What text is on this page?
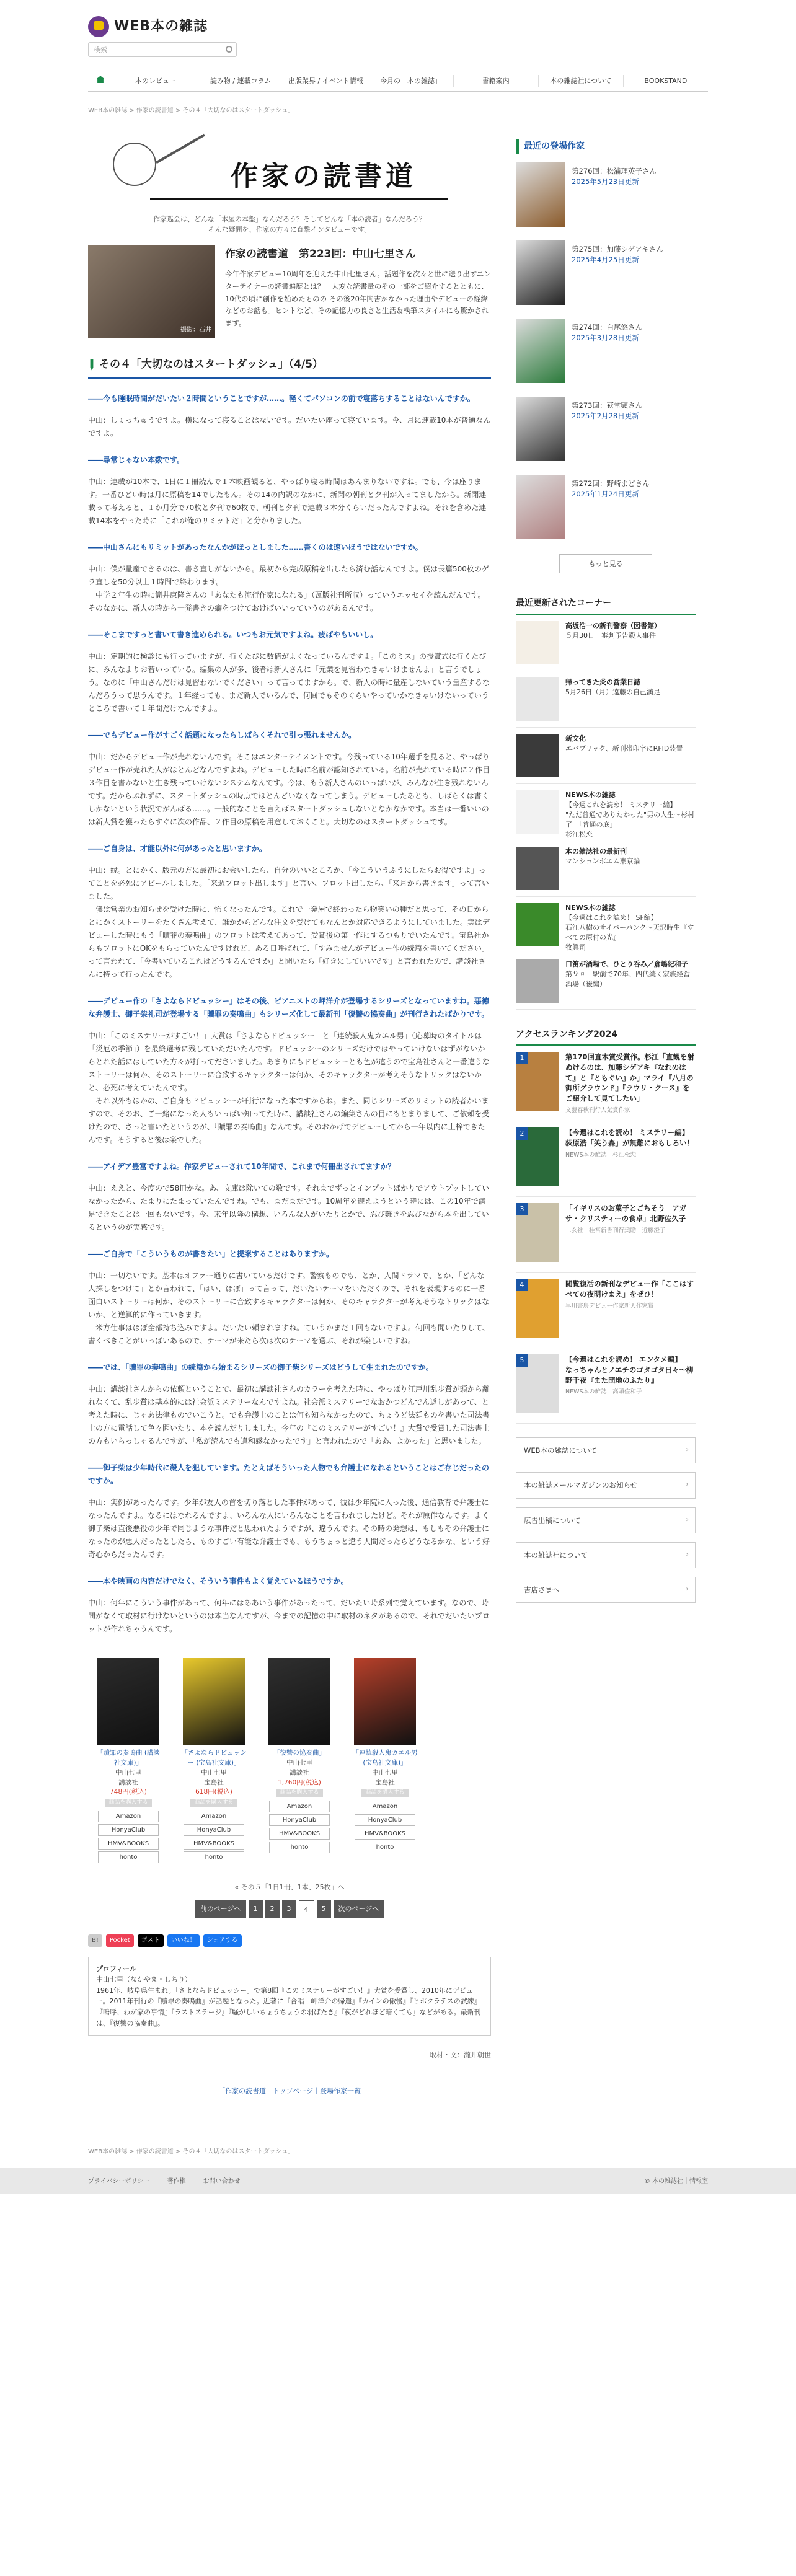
WEB本の雑誌
検索
本のレビュー	読み物 / 連載コラム	出版業界 / イベント情報	今月の「本の雑誌」	書籍案内	本の雑誌社について	BOOKSTAND
WEB本の雑誌 > 作家の読書道 > その４「大切なのはスタートダッシュ」
作家の読書道
作家巡会は、どんな「本屋の本盤」なんだろう？そしてどんな「本の読者」なんだろう？
そんな疑問を、作家の方々に直撃インタビューです。
撮影：石井
作家の読書道　第223回：中山七里さん
今年作家デビュー10周年を迎えた中山七里さん。話題作を次々と世に送り出すエンターテイナーの読書遍歴とは？　大変な読書量のその一部をご紹介するとともに、10代の頃に創作を始めたものの その後20年間書かなかった理由やデビューの経緯などのお話も。ヒントなど、その記憶力の良さと生活＆執筆スタイルにも驚かされます。
その４「大切なのはスタートダッシュ」（4/5）
――今も睡眠時間がだいたい２時間ということですが……。軽くてパソコンの前で寝落ちすることはないんですか。
中山：しょっちゅうですよ。横になって寝ることはないです。だいたい座って寝ています。今、月に連載10本が普通なんですよ。
――尋常じゃない本数です。
中山：連載が10本で、1日に１冊読んで１本映画観ると、やっぱり寝る時間はあんまりないですね。でも、今は座ります。一番ひどい時は月に原稿を14でしたもん。その14の内訳のなかに、新聞の朝刊と夕刊が入ってましたから。新聞連載って考えると、１か月分で70枚と夕刊で60枚で、朝刊と夕刊で連載３本分くらいだったんですよね。それを含めた連載14本をやった時に「これが俺のリミットだ」と分かりました。
――中山さんにもリミットがあったなんかがほっとしました……書くのは速いほうではないですか。
中山：僕が量産できるのは、書き直しがないから。最初から完成原稿を出したら済む話なんですよ。僕は長篇500枚のゲラ直しを50分以上１時間で終わります。
　中学２年生の時に筒井康隆さんの「あなたも流行作家になれる」（瓦版社刊所収）っていうエッセイを読んだんです。そのなかに、新人の時から一発書きの癖をつけておけばいいっていうのがあるんです。
――そこまですっと書いて書き進められる。いつもお元気ですよね。疲ぱやもいいし。
中山：定期的に検診にも行っていますが、行くたびに数値がよくなっているんですよ。「このミス」の授賞式に行くたびに、みんなよりお若いっている。編集の人が多、後者は新人さんに「元業を見習わなきゃいけませんよ」と言うでしょう。なのに「中山さんだけは見習わないでください」って言ってますから。で、新人の時に量産しないていう量産するなんだろうって思うんです。１年経っても、まだ新人でいるんで、何回でもそのぐらいやっていかなきゃいけないっていうところで書いて１年間だけなんですよ。
――でもデビュー作がすごく話題になったらしばらくそれで引っ張れませんか。
中山：だからデビュー作が売れないんです。そこはエンターテイメントです。今残っている10年選手を見ると、やっぱりデビュー作が売れた人がほとんどなんですよね。デビューした時に名前が認知されている。名前が売れている時に２作目３作目を書かないと生き残っていけないシステムなんです。今は、もう新人さんのいっぱいが、みんなが生き残れないんです。だからぶれずに、スタートダッシュの時点でほとんどいなくなってしまう。デビューしたあとも、しばらくは書くしかないという状況でがんばる……。一般的なことを言えばスタートダッシュしないとなかなかです。本当は一番いいのは新人賞を獲ったらすぐに次の作品、２作目の原稿を用意しておくこと。大切なのはスタートダッシュです。
――ご自身は、才能以外に何があったと思いますか。
中山：縁。とにかく、版元の方に最初にお会いしたら、自分のいいところか、「今こういうふうにしたらお得ですよ」ってことを必死にアピールしました。「来週プロット出します」と言い、プロット出したら、「来月から書きます」って言いました。
　僕は営業のお知らせを受けた時に、怖くなったんです。これで一発屋で終わったら物笑いの種だと思って、その日からとにかくストーリーをたくさん考えて、誰かからどんな注文を受けてもなんとか対応できるようにしていました。実はデビューした時にもう「贖罪の奏鳴曲」のプロットは考えてあって、受賞後の第一作にするつもりでいたんです。宝島社からもプロットにOKをもらっていたんですけれど、ある日呼ばれて、「すみませんがデビュー作の続篇を書いてください」って言われて、「今書いているこれはどうするんですか」と聞いたら「好きにしていいです」と言われたので、講談社さんに持って行ったんです。
――デビュー作の「さよならドビュッシー」はその後、ピアニストの岬洋介が登場するシリーズとなっていますね。悪徳な弁護士、御子柴礼司が登場する「贖罪の奏鳴曲」もシリーズ化して最新刊「復讐の協奏曲」が刊行されたばかりです。
中山：「このミステリーがすごい！」大賞は「さよならドビュッシー」と「連続殺人鬼カエル男」（応募時のタイトルは「災厄の季節」）を最終選考に残していただいたんです。ドビュッシーのシリーズだけではやっていけないはずがないからとれた話にはしていた方々が打ってださいました。あまりにもドビュッシーとも色が違うので宝島社さんと一番違うなストーリーは何か、そのストーリーに合致するキャラクターは何か、そのキャラクターが考えそうなトリックはないかと、必死に考えていたんです。
　それ以外もほかの、ご自身もドビュッシーが刊行になった本ですからね。また、同じシリーズのリミットの読者かいますので、そのお、ご一緒になった人もいっぱい知ってた時に、講談社さんの編集さんの目にもとまりまして、ご依頼を受けたので、さっと書いたというのが、『贖罪の奏鳴曲』なんです。そのおかげでデビューしてから一年以内に上梓できたんです。そうすると後は楽でした。
――アイデア豊富ですよね。作家デビューされて10年間で、これまで何冊出されてますか？
中山：ええと、今度ので58冊かな。あ、文庫は除いての数です。それまでずっとインプットばかりでアウトプットしていなかったから、たまりにたまっていたんですね。でも、まだまだです。10周年を迎えようという時には、この10年で満足できたことは一回もないです。今、来年以降の構想、いろんな人がいたりとかで、忍び難きを忍びながら本を出しているというのが実感です。
――ご自身で「こういうものが書きたい」と提案することはありますか。
中山：一切ないです。基本はオファー通りに書いているだけです。警察ものでも、とか、人間ドラマで、とか、「どんな人探しをつけて」とか言われて、「はい、ほぼ」って言って、だいたいテーマをいただくので、それを表現するのに一番面白いストーリーは何か、そのストーリーに合致するキャラクターは何か、そのキャラクターが考えそうなトリックはないか、と逆算的に作っていきます。
　米方仕事はほぼ全部持ち込みですよ。だいたい頼まれますね。ていうかまだ１回もないですよ。何回も聞いたりして、書くべきことがいっぱいあるので、テーマが来たら次は次のテーマを選ぶ、それが楽しいですね。
――では、「贖罪の奏鳴曲」の続篇から始まるシリーズの御子柴シリーズはどうして生まれたのですか。
中山：講談社さんからの依頼ということで、最初に講談社さんのカラーを考えた時に、やっぱり江戸川乱歩賞が頭から離れなくて、乱歩賞は基本的には社会派ミステリーなんですよね。社会派ミステリーでなおかつどんでん返しがあって、と考えた時に、じゃあ法律ものでいこうと。でも弁護士のことは何も知らなかったので、ちょうど法廷ものを書いた司法書士の方に電話して色々聞いたり、本を読んだりしました。今年の『このミステリーがすごい！』大賞で受賞した司法書士の方もいらっしゃるんですが、「私が読んでも違和感なかったです」と言われたので「ああ、よかった」と思いました。
――御子柴は少年時代に殺人を犯しています。たとえばそういった人物でも弁護士になれるということはご存じだったのですか。
中山：実例があったんです。少年が友人の首を切り落とした事件があって、彼は少年院に入った後、通信教育で弁護士になったんですよ。なるにはなれるんですよ、いろんな人にいろんなことを言われましたけど。それが原作なんです。よく御子柴は直後悪役の少年で同じような事件だと思われたようですが、違うんです。その時の発想は、もしもその弁護士になったのが悪人だったとしたら、ものすごい有能な弁護士でも、もうちょっと違う人間だったらどうなるかな、という好奇心からだったんです。
――本や映画の内容だけでなく、そういう事件もよく覚えているほうですか。
中山：何年にこういう事件があって、何年にはああいう事件があったって、だいたい時系列で覚えています。なので、時間がなくて取材に行けないというのは本当なんですが、今までの記憶の中に取材のネタがあるので、それでだいたいプロットが作れちゃうんです。
「贖罪の奏鳴曲 (講談社文庫)」
中山七里
講談社
748円(税込)
商品を購入する
Amazon
HonyaClub
HMV&BOOKS
honto
「さよならドビュッシー (宝島社文庫)」
中山七里
宝島社
618円(税込)
商品を購入する
Amazon
HonyaClub
HMV&BOOKS
honto
「復讐の協奏曲」
中山七里
講談社
1,760円(税込)
商品を購入する
Amazon
HonyaClub
HMV&BOOKS
honto
「連続殺人鬼カエル男 (宝島社文庫)」
中山七里
宝島社
商品を購入する
Amazon
HonyaClub
HMV&BOOKS
honto
« その５「1日1冊、1本、25枚」へ
前のページへ	1	2	3	4	5	次のページへ
B!	Pocket	ポスト	いいね！	シェアする	2020年11月24日更新
プロフィール
中山七里（なかやま・しちり）
1961年、岐阜県生まれ。「さよならドビュッシー」で第8回『このミステリーがすごい！』大賞を受賞し、2010年にデビュー。2011年刊行の『贖罪の奏鳴曲』が話題となった。近著に『合唱　岬洋介の帰還』『カインの傲慢』『ヒポクラテスの試練』『嗚呼、わが家の事情』『ラストステージ』『騒がしいちょうちょうの羽ばたき』『夜がどれほど暗くても』などがある。最新刊は、『復讐の協奏曲』。
取材・文：瀧井朝世
「作家の読書道」トップページ｜登場作家一覧
最近の登場作家
第276回：松浦理英子さん
2025年5月23日更新
第275回：加藤シゲアキさん
2025年4月25日更新
第274回：白尾悠さん
2025年3月28日更新
第273回：荻堂顕さん
2025年2月28日更新
第272回：野崎まどさん
2025年1月24日更新
もっと見る
最近更新されたコーナー
高坂浩一の新刊警察（図書館）
５月30日　審判予告殺人事件
帰ってきた炎の営業日誌
5月26日（月）遠藤の自己満足
新文化
エバブリック、新刊帯印字にRFID装置
NEWS本の雑誌
【今週これを読め！ ミステリー編】
"ただ普通でありたかった"男の人生〜杉村了　「普通の底」
杉江松恋
本の雑誌社の最新刊
マンションポエム東京論
NEWS本の雑誌
【今週はこれを読め！ SF編】
石江八樹のサイバーパンク〜天沢時生『すべての原付の光』
牧眞司
口笛が酒場で、ひとり呑み／倉嶋紀和子
第９回　駅前で70年、四代続く家族経営酒場（後編）
アクセスランキング2024
1	第170回直木賞受賞作。杉江「直観を射ぬけるのは、加藤シゲアキ『なれのはて』と『ともぐい』か」マライ『八月の御所グラウンド』『ラウリ・クース』をご紹介して見てしたい」
文藝春秋刊行人気賞作家
2	【今週はこれを読め！ ミステリー編】
荻原浩「笑う森」が無難におもしろい！
NEWS本の雑誌　杉江松恋
3	「イギリスのお菓子とごちそう　アガサ・クリスティーの食卓」北野佐久子
二玄社　桂宮新書刊行奨励　近藤澄子
4	閲覧復活の新刊なデビュー作「ここはすべての夜明けまえ」をぜひ！
早川書房デビュー作家新人作家賞
5	【今週はこれを読め！ エンタメ編】
なっちゃんとノエチのゴタゴタ日々〜柳野千夜『また団地のふたり』
NEWS本の雑誌　高頭佐和子
WEB本の雑誌について ›
本の雑誌メールマガジンのお知らせ ›
広告出稿について ›
本の雑誌社について ›
書店さまへ ›
WEB本の雑誌 > 作家の読書道 > その４「大切なのはスタートダッシュ」
プライバシーポリシー	著作権	お問い合わせ	© 本の雑誌社｜情報室
